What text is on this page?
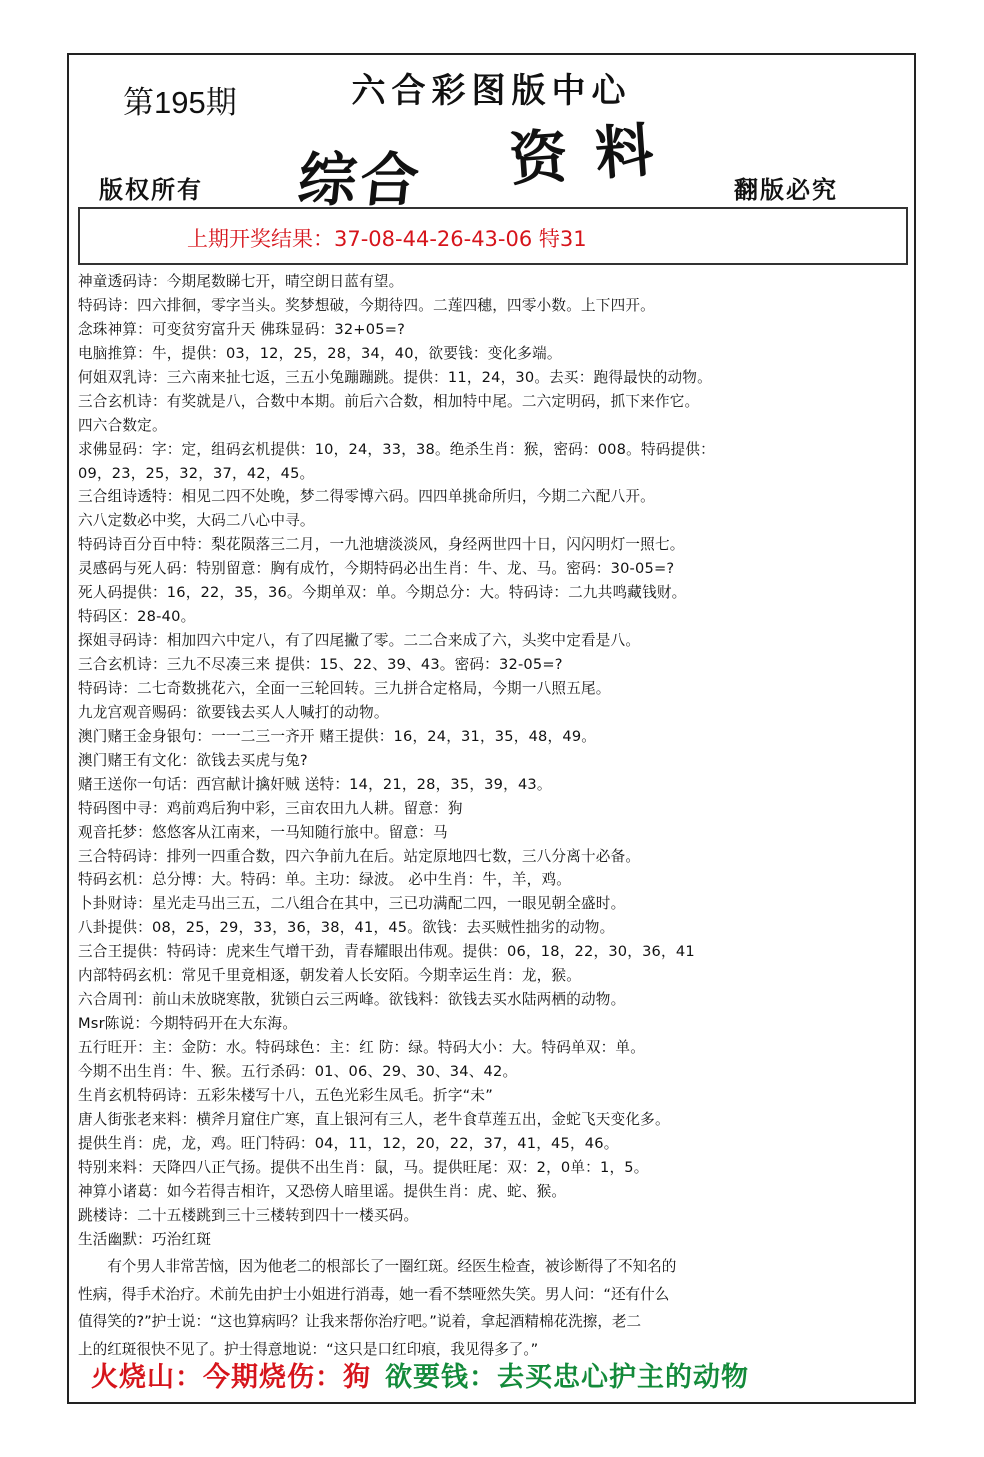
第195期	六合彩图版中心
综合 资料
版权所有	翻版必究
上期开奖结果：37-08-44-26-43-06 特31
神童透码诗：今期尾数睇七开，晴空朗日蓝有望。
特码诗：四六排徊，零字当头。奖梦想破，今期待四。二莲四穗，四零小数。上下四开。
念珠神算：可变贫穷富升天 佛珠显码：32+05=?
电脑推算：牛，提供：03，12，25，28，34，40，欲要钱：变化多端。
何姐双乳诗：三六南来扯七返，三五小兔蹦蹦跳。提供：11，24，30。去买：跑得最快的动物。
三合玄机诗：有奖就是八，合数中本期。前后六合数，相加特中尾。二六定明码，抓下来作它。
四六合数定。
求佛显码：字：定，组码玄机提供：10，24，33，38。绝杀生肖：猴，密码：008。特码提供：
09，23，25，32，37，42，45。
三合组诗透特：相见二四不处晚，梦二得零博六码。四四单挑命所归，今期二六配八开。
六八定数必中奖，大码二八心中寻。
特码诗百分百中特：梨花陨落三二月，一九池塘淡淡风，身经两世四十日，闪闪明灯一照七。
灵感码与死人码：特别留意：胸有成竹，今期特码必出生肖：牛、龙、马。密码：30-05=?
死人码提供：16，22，35，36。今期单双：单。今期总分：大。特码诗：二九共鸣藏钱财。
特码区：28-40。
探姐寻码诗：相加四六中定八，有了四尾撇了零。二二合来成了六，头奖中定看是八。
三合玄机诗：三九不尽凑三来 提供：15、22、39、43。密码：32-05=?
特码诗：二七奇数挑花六，全面一三轮回转。三九拼合定格局，今期一八照五尾。
九龙宫观音赐码：欲要钱去买人人喊打的动物。
澳门赌王金身银句：一一二三一齐开 赌王提供：16，24，31，35，48，49。
澳门赌王有文化：欲钱去买虎与兔?
赌王送你一句话：西宫献计擒奸贼 送特：14，21，28，35，39，43。
特码图中寻：鸡前鸡后狗中彩，三亩农田九人耕。留意：狗
观音托梦：悠悠客从江南来，一马知随行旅中。留意：马
三合特码诗：排列一四重合数，四六争前九在后。站定原地四七数，三八分离十必备。
特码玄机：总分博：大。特码：单。主功：绿波。 必中生肖：牛，羊，鸡。
卜卦财诗：星光走马出三五，二八组合在其中，三已功满配二四，一眼见朝全盛时。
八卦提供：08，25，29，33，36，38，41，45。欲钱：去买贼性拙劣的动物。
三合王提供：特码诗：虎来生气增干劲，青春耀眼出伟观。提供：06，18，22，30，36，41
内部特码玄机：常见千里竟相逐，朝发着人长安陌。今期幸运生肖：龙，猴。
六合周刊：前山未放晓寒散，犹锁白云三两峰。欲钱料：欲钱去买水陆两栖的动物。
Msr陈说：今期特码开在大东海。
五行旺开：主：金防：水。特码球色：主：红 防：绿。特码大小：大。特码单双：单。
今期不出生肖：牛、猴。五行杀码：01、06、29、30、34、42。
生肖玄机特码诗：五彩朱楼写十八，五色光彩生凤毛。折字“未”
唐人街张老来料：横斧月窟住广寒，直上银河有三人，老牛食草莲五出，金蛇飞天变化多。
提供生肖：虎，龙，鸡。旺门特码：04，11，12，20，22，37，41，45，46。
特别来料：天降四八正气扬。提供不出生肖：鼠，马。提供旺尾：双：2，0单：1，5。
神算小诸葛：如今若得吉相许，又恐傍人暗里谣。提供生肖：虎、蛇、猴。
跳楼诗：二十五楼跳到三十三楼转到四十一楼买码。
生活幽默：巧治红斑
　　有个男人非常苦恼，因为他老二的根部长了一圈红斑。经医生检查，被诊断得了不知名的
性病，得手术治疗。术前先由护士小姐进行消毒，她一看不禁哑然失笑。男人问：“还有什么
值得笑的?”护士说：“这也算病吗？让我来帮你治疗吧。”说着，拿起酒精棉花洗擦，老二
上的红斑很快不见了。护士得意地说：“这只是口红印痕，我见得多了。”
火烧山：今期烧伤：狗 欲要钱：去买忠心护主的动物
